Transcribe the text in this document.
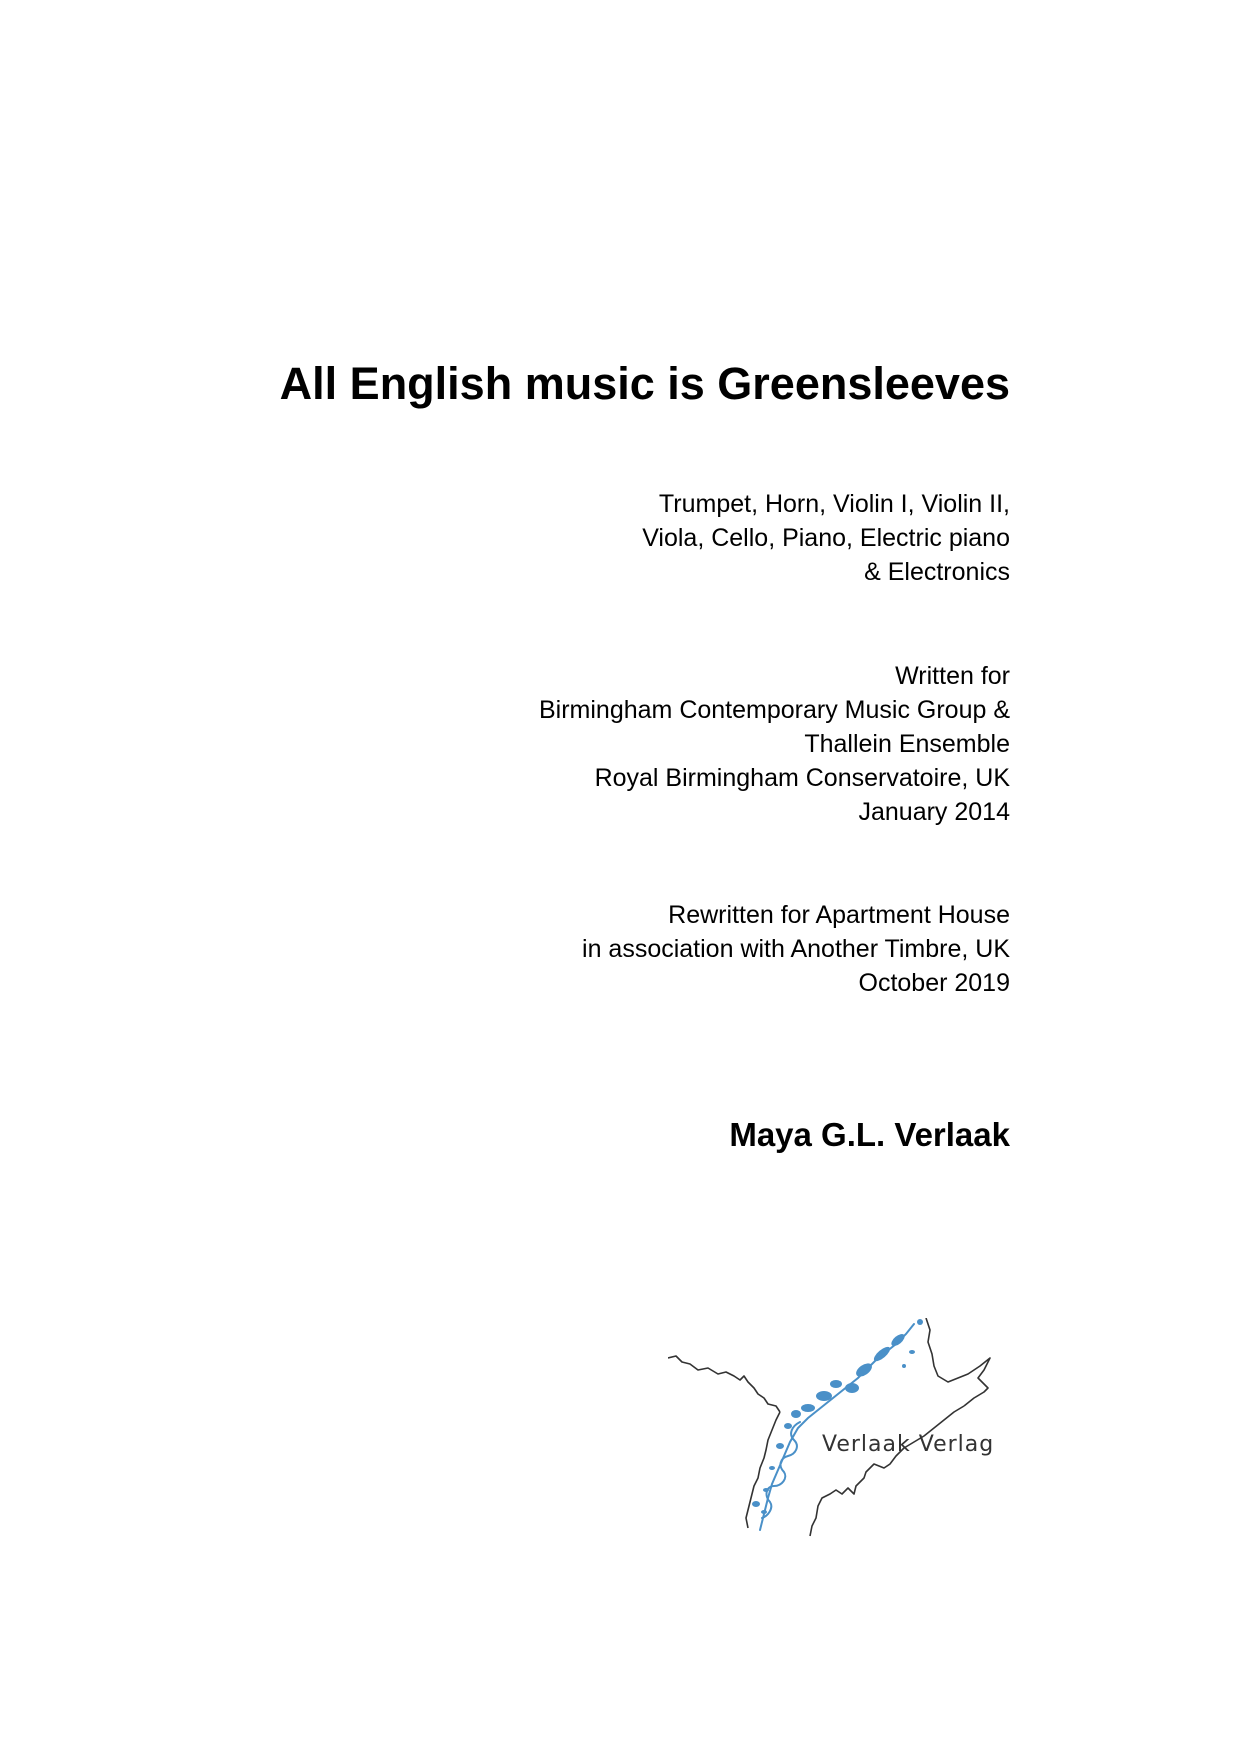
All English music is Greensleeves
Trumpet, Horn, Violin I, Violin II,
Viola, Cello, Piano, Electric piano
& Electronics
Written for
Birmingham Contemporary Music Group &
Thallein Ensemble
Royal Birmingham Conservatoire, UK
January 2014
Rewritten for Apartment House
in association with Another Timbre, UK
October 2019
Maya G.L. Verlaak
Verlaak Verlag
